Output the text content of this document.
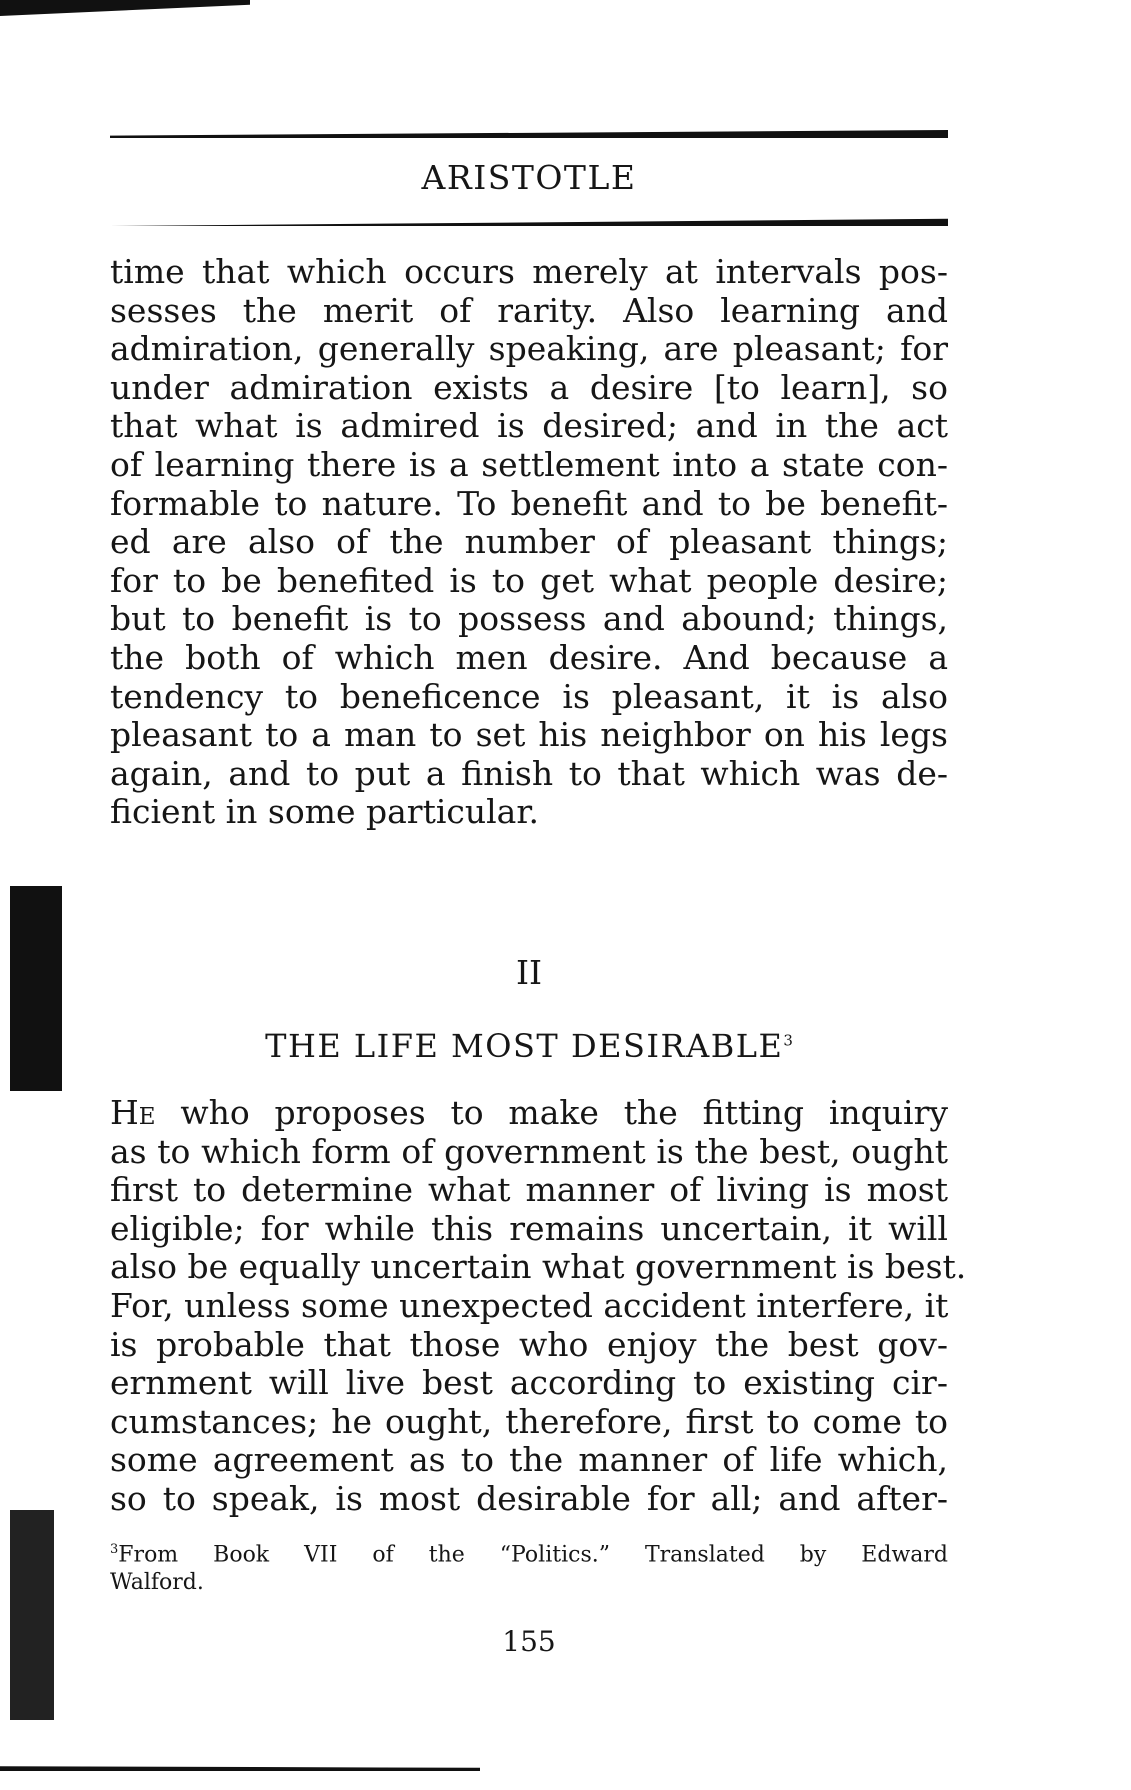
ARISTOTLE
time that which occurs merely at intervals pos-
sesses the merit of rarity. Also learning and
admiration, generally speaking, are pleasant; for
under admiration exists a desire [to learn], so
that what is admired is desired; and in the act
of learning there is a settlement into a state con-
formable to nature. To benefit and to be benefit-
ed are also of the number of pleasant things;
for to be benefited is to get what people desire;
but to benefit is to possess and abound; things,
the both of which men desire. And because a
tendency to beneficence is pleasant, it is also
pleasant to a man to set his neighbor on his legs
again, and to put a finish to that which was de-
ficient in some particular.
II
THE LIFE MOST DESIRABLE$^3$
He who proposes to make the fitting inquiry
as to which form of government is the best, ought
first to determine what manner of living is most
eligible; for while this remains uncertain, it will
also be equally uncertain what government is best.
For, unless some unexpected accident interfere, it
is probable that those who enjoy the best gov-
ernment will live best according to existing cir-
cumstances; he ought, therefore, first to come to
some agreement as to the manner of life which,
so to speak, is most desirable for all; and after-
$^3$From Book VII of the “Politics.” Translated by Edward
Walford.
155
